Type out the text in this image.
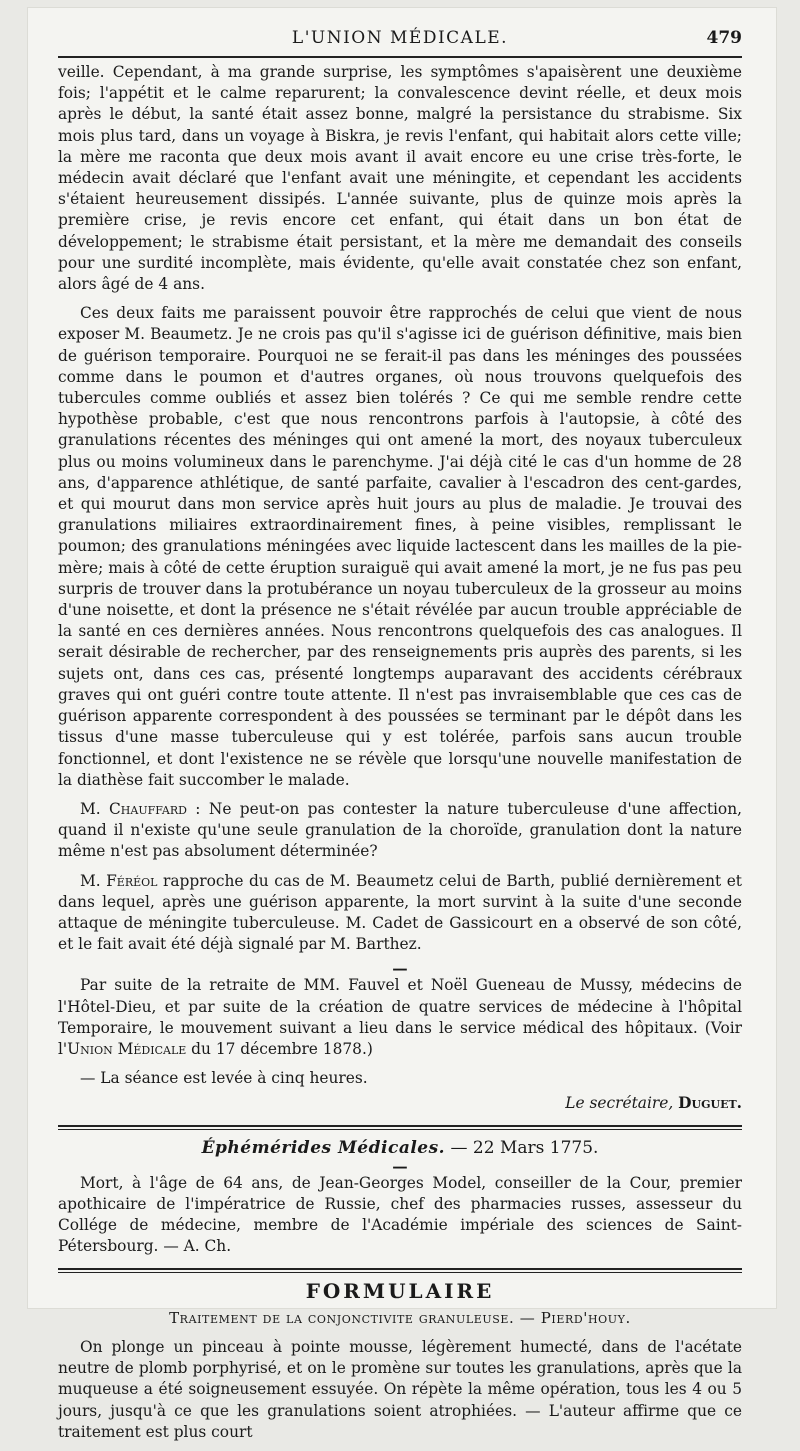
L'UNION MÉDICALE.	479

veille. Cependant, à ma grande surprise, les symptômes s'apaisèrent une deuxième fois; l'appétit et le calme reparurent; la convalescence devint réelle, et deux mois après le début, la santé était assez bonne, malgré la persistance du strabisme. Six mois plus tard, dans un voyage à Biskra, je revis l'enfant, qui habitait alors cette ville; la mère me raconta que deux mois avant il avait encore eu une crise très-forte, le médecin avait déclaré que l'enfant avait une méningite, et cependant les accidents s'étaient heureusement dissipés. L'année suivante, plus de quinze mois après la première crise, je revis encore cet enfant, qui était dans un bon état de développement; le strabisme était persistant, et la mère me demandait des conseils pour une surdité incomplète, mais évidente, qu'elle avait constatée chez son enfant, alors âgé de 4 ans.

Ces deux faits me paraissent pouvoir être rapprochés de celui que vient de nous exposer M. Beaumetz. Je ne crois pas qu'il s'agisse ici de guérison définitive, mais bien de guérison temporaire. Pourquoi ne se ferait-il pas dans les méninges des poussées comme dans le poumon et d'autres organes, où nous trouvons quelquefois des tubercules comme oubliés et assez bien tolérés ? Ce qui me semble rendre cette hypothèse probable, c'est que nous rencontrons parfois à l'autopsie, à côté des granulations récentes des méninges qui ont amené la mort, des noyaux tuberculeux plus ou moins volumineux dans le parenchyme. J'ai déjà cité le cas d'un homme de 28 ans, d'apparence athlétique, de santé parfaite, cavalier à l'escadron des cent-gardes, et qui mourut dans mon service après huit jours au plus de maladie. Je trouvai des granulations miliaires extraordinairement fines, à peine visibles, remplissant le poumon; des granulations méningées avec liquide lactescent dans les mailles de la pie-mère; mais à côté de cette éruption suraiguë qui avait amené la mort, je ne fus pas peu surpris de trouver dans la protubérance un noyau tuberculeux de la grosseur au moins d'une noisette, et dont la présence ne s'était révélée par aucun trouble appréciable de la santé en ces dernières années. Nous rencontrons quelquefois des cas analogues. Il serait désirable de rechercher, par des renseignements pris auprès des parents, si les sujets ont, dans ces cas, présenté longtemps auparavant des accidents cérébraux graves qui ont guéri contre toute attente. Il n'est pas invraisemblable que ces cas de guérison apparente correspondent à des poussées se terminant par le dépôt dans les tissus d'une masse tuberculeuse qui y est tolérée, parfois sans aucun trouble fonctionnel, et dont l'existence ne se révèle que lorsqu'une nouvelle manifestation de la diathèse fait succomber le malade.

M. Chauffard : Ne peut-on pas contester la nature tuberculeuse d'une affection, quand il n'existe qu'une seule granulation de la choroïde, granulation dont la nature même n'est pas absolument déterminée?

M. Féréol rapproche du cas de M. Beaumetz celui de Barth, publié dernièrement et dans lequel, après une guérison apparente, la mort survint à la suite d'une seconde attaque de méningite tuberculeuse. M. Cadet de Gassicourt en a observé de son côté, et le fait avait été déjà signalé par M. Barthez.

—

Par suite de la retraite de MM. Fauvel et Noël Gueneau de Mussy, médecins de l'Hôtel-Dieu, et par suite de la création de quatre services de médecine à l'hôpital Temporaire, le mouvement suivant a lieu dans le service médical des hôpitaux. (Voir l'Union Médicale du 17 décembre 1878.)

— La séance est levée à cinq heures.

Le secrétaire, Duguet.
Éphémérides Médicales. — 22 Mars 1775.
—

Mort, à l'âge de 64 ans, de Jean-Georges Model, conseiller de la Cour, premier apothicaire de l'impératrice de Russie, chef des pharmacies russes, assesseur du Collége de médecine, membre de l'Académie impériale des sciences de Saint-Pétersbourg. — A. Ch.

FORMULAIRE
Traitement de la conjonctivite granuleuse. — Pierd'houy.

On plonge un pinceau à pointe mousse, légèrement humecté, dans de l'acétate neutre de plomb porphyrisé, et on le promène sur toutes les granulations, après que la muqueuse a été soigneusement essuyée. On répète la même opération, tous les 4 ou 5 jours, jusqu'à ce que les granulations soient atrophiées. — L'auteur affirme que ce traitement est plus court
